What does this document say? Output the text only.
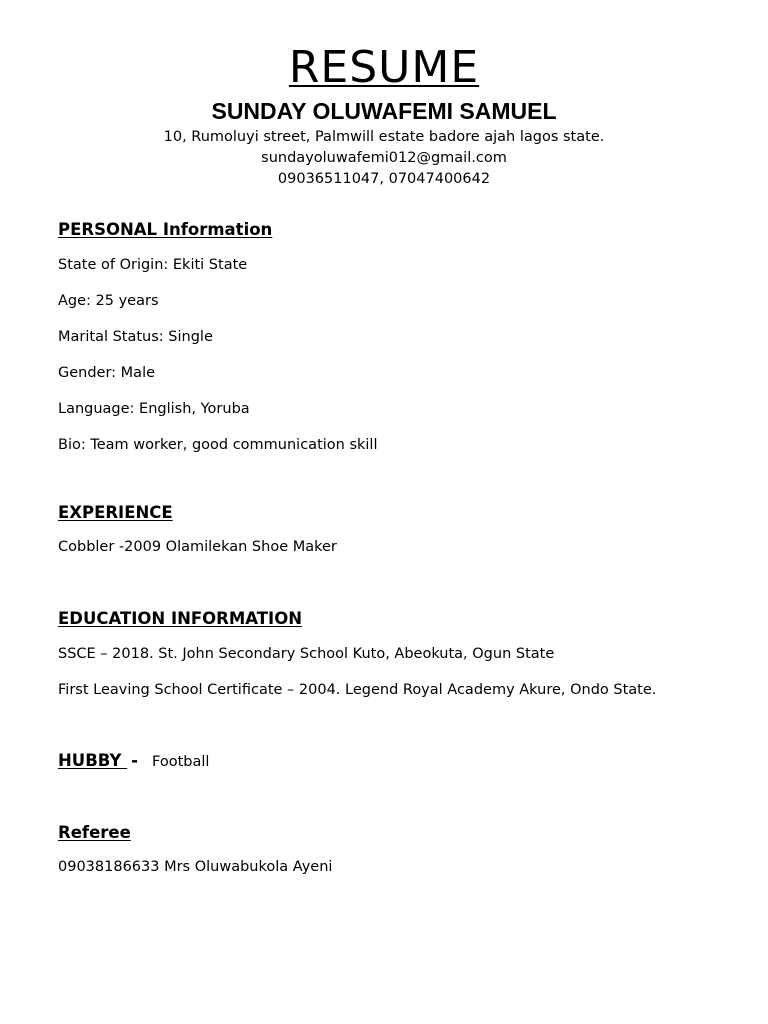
RESUME
SUNDAY OLUWAFEMI SAMUEL
10, Rumoluyi street, Palmwill estate badore ajah lagos state.
sundayoluwafemi012@gmail.com
09036511047, 07047400642
PERSONAL Information
State of Origin: Ekiti State
Age: 25 years
Marital Status: Single
Gender: Male
Language: English, Yoruba
Bio: Team worker, good communication skill
EXPERIENCE
Cobbler -2009 Olamilekan Shoe Maker
EDUCATION INFORMATION
SSCE – 2018. St. John Secondary School Kuto, Abeokuta, Ogun State
First Leaving School Certificate – 2004. Legend Royal Academy Akure, Ondo State.
HUBBY - Football
Referee
09038186633 Mrs Oluwabukola Ayeni
